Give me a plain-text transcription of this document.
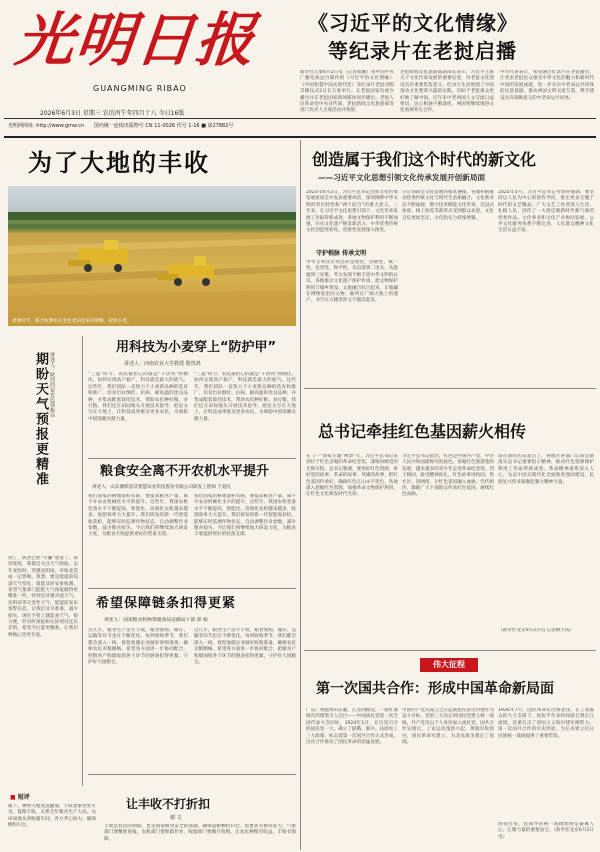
光明日报
GUANGMING RIBAO
2026年6月3日 星期三 农历丙午年四月十八 今日16版
光明网网址: http://www.gmw.cn 国内统一连续出版物号 CN 11-0026 代号 1-16 ■ 第27882号
《习近平的文化情缘》
等纪录片在老挝启播
新华社万象6月2日电（记者程鹏）由中国中央广播电视总台制作的《习近平的文化情缘》《中国智慧中国式现代化》等纪录片老挝语版首播仪式2日在万象举行。在老挝国家电视台播出并在老挝国家新闻媒体同步播出，老挝人民革命党中央宣传部、老挝新闻文化旅游部等部门负责人出席活动并致辞。
老挝新闻文化旅游部副部长表示，习近平主席关于文化传承发展的重要论述，对老挝文化建设具有重要借鉴意义。纪录片生动展现了中国推动文化繁荣兴盛的实践，有助于老挝观众更好地了解中国。近年来中老两国人文交流日益密切，民心相通不断深化，两国将继续推进文化领域务实合作。
中方代表表示，希望通过纪录片在老挝播出，让更多老挝民众感受中华文化的魅力和新时代中国的发展成就，进一步夯实中老命运共同体的民意基础，推动两国文明交流互鉴，携手建设具有战略意义的中老命运共同体。
为了大地的丰收
麦收时节，联合收割机在金色麦田里来回穿梭，抢收小麦。
期盼天气预报更精准 讲述人：陕西西安农民郭振远
到了，陕西已经“开镰”收麦了。每到麦收，我都会关注天气预报。去年麦收时，突遇连阴雨，对收麦造成一定影响。我想，要是能提前知道天气变化，就能及时安排收割。希望气象部门能把天气预报做得更精准一些，特别是对强对流天气、连阴雨等灾害性天气，能提前发布预警信息，让我们及早准备，减少损失。现在手机上就能查天气，很方便，但有时预报和实际情况还有差别。希望今后能更精准，让我们种地心里更有底。
■ 短评
眼下，神州大地麦浪翻滚，丰收景象处处可见。夏粮丰收，关系全年粮食生产大局。从田间地头到收储车间，各方齐心协力，确保颗粒归仓。
用科技为小麦穿上“防护甲”
讲述人：河南农业大学教授 殷贵鸿
“三夏”时节，农民最担心的就是“干热风”和倒伏。如何实现高产稳产，科技就是最大的底气。这些年，我们团队一直致力于小麦新品种的选育和推广，培育出抗倒伏、抗病、耐高温的优良品种，并集成配套栽培技术，帮助农民种好粮、多打粮。我们还在田间地头开展技术指导，把论文写在大地上，让科技成果惠及更多农民，为端稳中国饭碗贡献力量。
“三夏”时节，农民最担心的就是“干热风”和倒伏。如何实现高产稳产，科技就是最大的底气。这些年，我们团队一直致力于小麦新品种的选育和推广，培育出抗倒伏、抗病、耐高温的优良品种，并集成配套栽培技术，帮助农民种好粮、多打粮。我们还在田间地头开展技术指导，把论文写在大地上，让科技成果惠及更多农民，为端稳中国饭碗贡献力量。
粮食安全离不开农机水平提升
讲述人：山东潍柴雷沃智慧农业科技股份有限公司研发工程师 于超凡
我们国家的耕地面积有限，要提高粮食产量，离不开农业机械化水平的提升。这些年，我国农机装备水平不断提高，智能化、高端化农机越来越多，收割效率大大提升。我们研发的新一代智能收获机，能够实时监测作物状态，自动调整作业参数，减少粮食损失。今后我们将继续加大研发力度，为粮食丰收提供更好的装备支撑。
我们国家的耕地面积有限，要提高粮食产量，离不开农业机械化水平的提升。这些年，我国农机装备水平不断提高，智能化、高端化农机越来越多，收割效率大大提升。我们研发的新一代智能收获机，能够实时监测作物状态，自动调整作业参数，减少粮食损失。今后我们将继续加大研发力度，为粮食丰收提供更好的装备支撑。
希望保障链条扣得更紧
讲述人：国家粮食和物资储备局安徽局干部 郑 杨
这几年，粮食生产连年丰收，粮食收购、储存、运输等环节也在不断优化。每到收购季节，我们都会深入一线，督促收储企业做好收购准备，确保农民卖粮顺畅。希望各方面进一步协同配合，把粮食产购储加销各个环节的链条扣得更紧，守护好大国粮仓。
这几年，粮食生产连年丰收，粮食收购、储存、运输等环节也在不断优化。每到收购季节，我们都会深入一线，督促收储企业做好收购准备，确保农民卖粮顺畅。希望各方面进一步协同配合，把粮食产购储加销各个环节的链条扣得更紧，守护好大国粮仓。
让丰收不打折扣
谢 文
丰收是农民的期盼，也是国家粮食安全的基础。确保夏粮颗粒归仓，需要各方协同发力。气象部门要精准预报，农机部门要保障作业，收储部门要敞开收购，让农民种粮有收益、丰收有保障。
创造属于我们这个时代的新文化
——习近平文化思想引领文化传承发展开创新局面
2023年6月2日，习近平总书记出席文化传承发展座谈会并发表重要讲话，深刻阐释中华文明的突出特性和“两个结合”的重大意义。三年来，在习近平文化思想引领下，文化传承发展工作取得新成效，各地文物保护利用不断加强，历史文化遗产焕发新活力，中华优秀传统文化创造性转化、创新性发展深入推进。
守护根脉 传承文明
中华文明具有突出的连续性、创新性、统一性、包容性、和平性。从良渚到二里头，从殷墟到三星堆，考古发现不断丰富中华文明的认识。各地推动文化遗产保护传承，把文物保护利用与城乡建设、文旅融合结合起来，让收藏在博物馆里的文物、陈列在广阔大地上的遗产、书写在古籍里的文字都活起来。
守正创新是文化发展的根本遵循。各地积极推动优秀传统文化与现代生活相融合，文化新业态不断涌现，数字技术赋能文化传承，沉浸式体验、线上展览等新形式受到群众欢迎，文化自信更加坚定，文化软实力持续增强。
2025年5月，习近平总书记考察时强调，要坚持以人民为中心的创作导向，推出更多无愧于时代的文艺精品。广大文艺工作者深入生活、扎根人民，创作了一大批反映新时代新气象的优秀作品。文化事业和文化产业协同发展，公共文化服务体系不断完善，人民群众精神文化生活日益丰富。
总书记牵挂红色基因薪火相传
在《一“国家专题”视察”年，习近平总书记来到位于红色圣地的革命纪念馆，深情回顾党的光辉历程。总书记强调，要用好红色资源，讲好党的故事、革命的故事、英雄的故事，把红色基因传承好，确保红色江山永不变色。各地深入挖掘红色资源，加强革命文物保护利用，让红色文化焕发时代光彩。
习近平总书记指出，红色是中国共产党、中华人民共和国最鲜亮的底色。各地红色旅游蓬勃发展，越来越多的青少年走进革命纪念馆、烈士陵园，接受精神洗礼。红色故事进校园、进社区、进网络，让红色基因融入血脉、代代相传，激励广大干部群众传承红色基因、赓续红色血脉。
站在新的历史起点上，各地区各部门认真贯彻落实总书记重要指示精神，推动红色资源保护利用工作取得新成效。革命精神谱系深入人心，为以中国式现代化全面推进强国建设、民族复兴伟业凝聚起强大精神力量。
（新华社北京6月2日电 记者顾天成）
伟大征程
第一次国共合作：形成中国革命新局面
广东广州越秀山东麓，江苏西路边，一座红墙绿瓦的建筑引人注目——中国国民党第一次全国代表大会旧址。1924年1月，在这里召开的国民党一大，确立了联俄、联共、扶助农工三大政策，标志着第一次国共合作正式形成。这次合作推动了国民革命的迅猛发展。
中国共产党从成立之日起就把反帝反封建作为奋斗目标。党的三大决定同国民党建立统一战线，共产党员以个人身份加入国民党。国共合作实现后，工农运动蓬勃兴起，黄埔军校创办，国民革命军建立，为北伐战争奠定了基础。
1926年7月，国民革命军出师北伐，在工农群众的大力支援下，短短半年多时间就打到长江流域，沉重打击了帝国主义和封建军阀势力。第一次国共合作的历史经验，为后来建立抗日民族统一战线提供了重要借鉴。
回望历史，党领导的统一战线始终是凝聚人心、汇聚力量的重要法宝。（新华社北京6月2日电）
